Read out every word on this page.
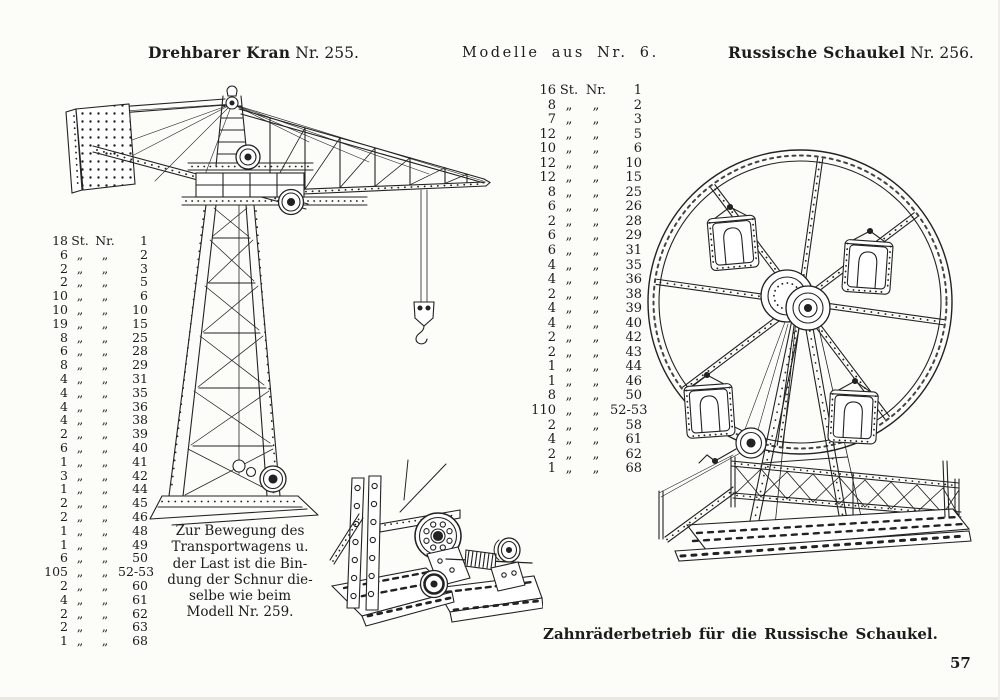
Drehbarer Kran Nr. 255.	Modelle aus Nr. 6.	Russische Schaukel Nr. 256.
18 St. Nr.	1
6 „	„	2
2 „	„	3
2 „	„	5
10 „	„	6
10 „	„	10
19 „	„	15
8 „	„	25
6 „	„	28
8 „	„	29
4 „	„	31
4 „	„	35
4 „	„	36
4 „	„	38
2 „	„	39
6 „	„	40
1 „	„	41
3 „	„	42
1 „	„	44
2 „	„	45
2 „	„	46
1 „	„	48
1 „	„	49
6 „	„	50
105 „	„ 52-53
2 „	„	60
4 „	„	61
2 „	„	62
2 „	„	63
1 „	„	68
16 St. Nr.	1
8 „	„	2
7 „	„	3
12 „	„	5
10 „	„	6
12 „	„	10
12 „	„	15
8 „	„	25
6 „	„	26
2 „	„	28
6 „	„	29
6 „	„	31
4 „	„	35
4 „	„	36
2 „	„	38
4 „	„	39
4 „	„	40
2 „	„	42
2 „	„	43
1 „	„	44
1 „	„	46
8 „	„	50
110 „	„ 52-53
2 „	„	58
4 „	„	61
2 „	„	62
1 „	„	68
Zur Bewegung des
Transportwagens u.
der Last ist die Bin-
dung der Schnur die-
selbe wie beim
Modell Nr. 259.
Zahnräderbetrieb für die Russische Schaukel.
57
